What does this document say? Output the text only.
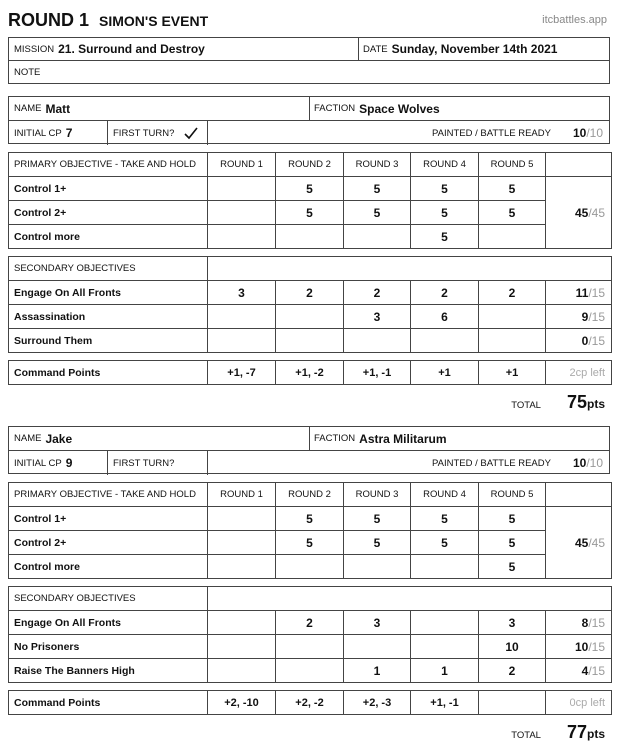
ROUND 1 SIMON'S EVENT	itcbattles.app
MISSION 21. Surround and Destroy	DATE Sunday, November 14th 2021
NOTE
NAME Matt	FACTION Space Wolves
INITIAL CP 7	FIRST TURN?	PAINTED / BATTLE READY 10 /10
PRIMARY OBJECTIVE - TAKE AND HOLD	ROUND 1	ROUND 2	ROUND 3	ROUND 4	ROUND 5	
Control 1+		5	5	5	5	45/45
Control 2+		5	5	5	5	
Control more				5		
SECONDARY OBJECTIVES						
Engage On All Fronts	3	2	2	2	2	11/15
Assassination			3	6		9/15
Surround Them						0/15
Command Points	+1, -7	+1, -2	+1, -1	+1	+1	2cp left
TOTAL 75pts
NAME Jake	FACTION Astra Militarum
INITIAL CP 9	FIRST TURN?	PAINTED / BATTLE READY 10 /10
PRIMARY OBJECTIVE - TAKE AND HOLD	ROUND 1	ROUND 2	ROUND 3	ROUND 4	ROUND 5	
Control 1+		5	5	5	5	45/45
Control 2+		5	5	5	5	
Control more					5	
SECONDARY OBJECTIVES						
Engage On All Fronts		2	3		3	8/15
No Prisoners					10	10/15
Raise The Banners High			1	1	2	4/15
Command Points	+2, -10	+2, -2	+2, -3	+1, -1		0cp left
TOTAL 77pts
